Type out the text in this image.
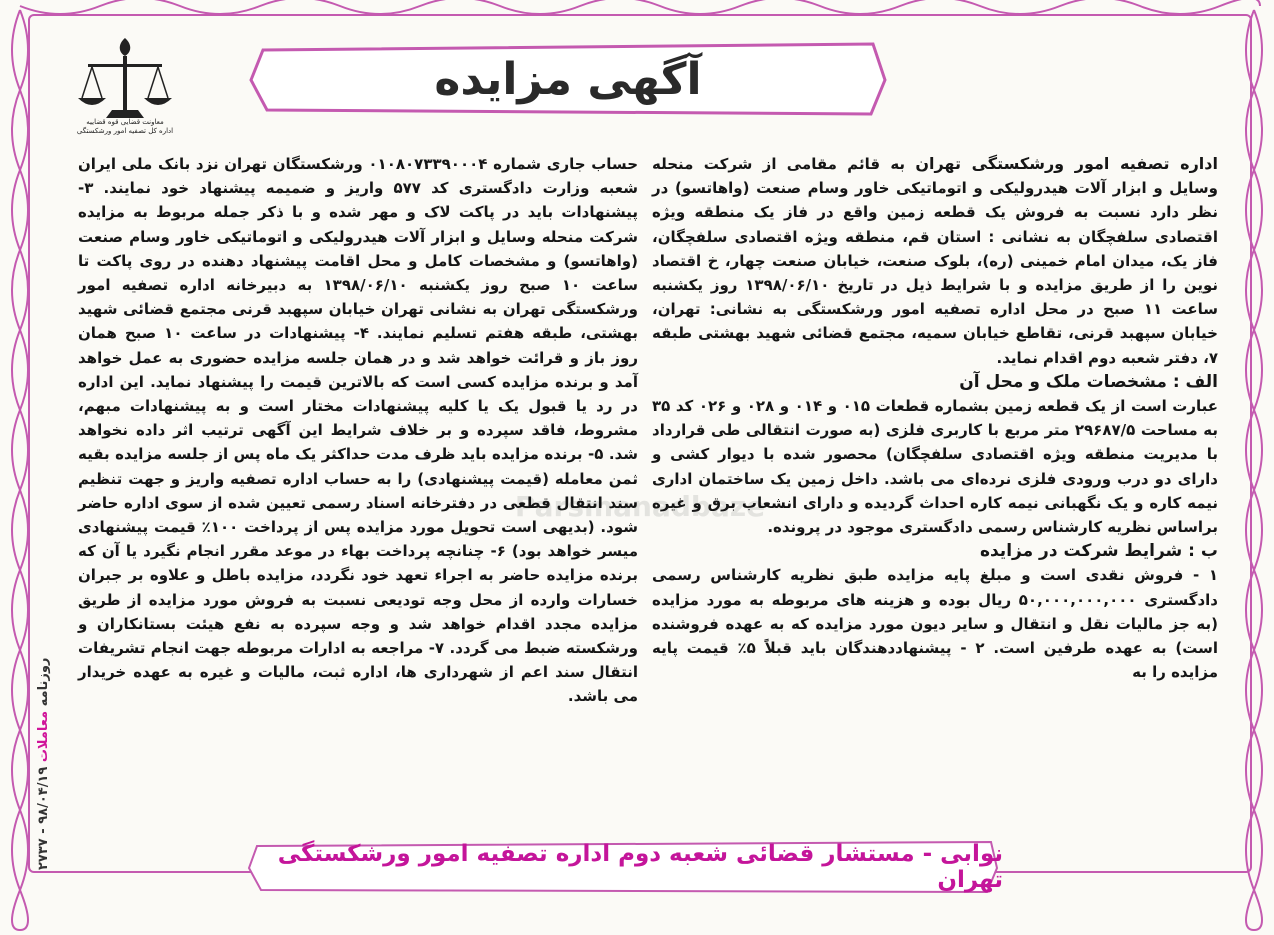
معاونت قضایی قوه قضاییه
اداره کل تصفیه امور ورشکستگی
آگهی مزایده
Parsmanadbaze

اداره تصفیه امور ورشکستگی تهران به قائم مقامی از شرکت منحله وسایل و ابزار آلات هیدرولیکی و اتوماتیکی خاور وسام صنعت (واهاتسو) در نظر دارد نسبت به فروش یک قطعه زمین واقع در فاز یک منطقه ویژه اقتصادی سلفچگان به نشانی : استان قم، منطقه ویژه اقتصادی سلفچگان، فاز یک، میدان امام خمینی (ره)، بلوک صنعت، خیابان صنعت چهار، خ اقتصاد نوین را از طریق مزایده و با شرایط ذیل در تاریخ ۱۳۹۸/۰۶/۱۰ روز یکشنبه ساعت ۱۱ صبح در محل اداره تصفیه امور ورشکستگی به نشانی: تهران، خیابان سپهبد قرنی، تقاطع خیابان سمیه، مجتمع قضائی شهید بهشتی طبقه ۷، دفتر شعبه دوم اقدام نماید.

الف : مشخصات ملک و محل آن

عبارت است از یک قطعه زمین بشماره قطعات ۰۱۵ و ۰۱۴ و ۰۲۸ و ۰۲۶ کد ۳۵ به مساحت ۲۹۶۸۷/۵ متر مربع با کاربری فلزی (به صورت انتقالی طی قرارداد با مدیریت منطقه ویژه اقتصادی سلفچگان) محصور شده با دیوار کشی و دارای دو درب ورودی فلزی نرده‌ای می باشد. داخل زمین یک ساختمان اداری نیمه کاره و یک نگهبانی نیمه کاره احداث گردیده و دارای انشعاب برق و غیره براساس نظریه کارشناس رسمی دادگستری موجود در پرونده.

ب : شرایط شرکت در مزایده

۱ - فروش نقدی است و مبلغ پایه مزایده طبق نظریه کارشناس رسمی دادگستری ۵۰,۰۰۰,۰۰۰,۰۰۰ ریال بوده و هزینه های مربوطه به مورد مزایده (به جز مالیات نقل و انتقال و سایر دیون مورد مزایده که به عهده فروشنده است) به عهده طرفین است. ۲ - پیشنهاددهندگان باید قبلاً ۵٪ قیمت پایه مزایده را به

حساب جاری شماره ۰۱۰۸۰۷۳۳۹۰۰۰۴ ورشکستگان تهران نزد بانک ملی ایران شعبه وزارت دادگستری کد ۵۷۷ واریز و ضمیمه پیشنهاد خود نمایند. ۳- پیشنهادات باید در پاکت لاک و مهر شده و با ذکر جمله مربوط به مزایده شرکت منحله وسایل و ابزار آلات هیدرولیکی و اتوماتیکی خاور وسام صنعت (واهاتسو) و مشخصات کامل و محل اقامت پیشنهاد دهنده در روی پاکت تا ساعت ۱۰ صبح روز یکشنبه ۱۳۹۸/۰۶/۱۰ به دبیرخانه اداره تصفیه امور ورشکستگی تهران به نشانی تهران خیابان سپهبد قرنی مجتمع قضائی شهید بهشتی، طبقه هفتم تسلیم نمایند. ۴- پیشنهادات در ساعت ۱۰ صبح همان روز باز و قرائت خواهد شد و در همان جلسه مزایده حضوری به عمل خواهد آمد و برنده مزایده کسی است که بالاترین قیمت را پیشنهاد نماید. این اداره در رد یا قبول یک یا کلیه پیشنهادات مختار است و به پیشنهادات مبهم، مشروط، فاقد سپرده و بر خلاف شرایط این آگهی ترتیب اثر داده نخواهد شد. ۵- برنده مزایده باید ظرف مدت حداکثر یک ماه پس از جلسه مزایده بقیه ثمن معامله (قیمت پیشنهادی) را به حساب اداره تصفیه واریز و جهت تنظیم سند انتقال قطعی در دفترخانه اسناد رسمی تعیین شده از سوی اداره حاضر شود. (بدیهی است تحویل مورد مزایده پس از پرداخت ۱۰۰٪ قیمت پیشنهادی میسر خواهد بود) ۶- چنانچه پرداخت بهاء در موعد مقرر انجام نگیرد یا آن که برنده مزایده حاضر به اجراء تعهد خود نگردد، مزایده باطل و علاوه بر جبران خسارات وارده از محل وجه تودیعی نسبت به فروش مورد مزایده از طریق مزایده مجدد اقدام خواهد شد و وجه سپرده به نفع هیئت بستانکاران و ورشکسته ضبط می گردد. ۷- مراجعه به ادارات مربوطه جهت انجام تشریفات انتقال سند اعم از شهرداری ها، اداره ثبت، مالیات و غیره به عهده خریدار می باشد.

نوابی - مستشار قضائی شعبه دوم اداره تصفیه امور ورشکستگی تهران
روزنامه معاملات ۹۸/۰۴/۱۹ - ۲۷۳۷
